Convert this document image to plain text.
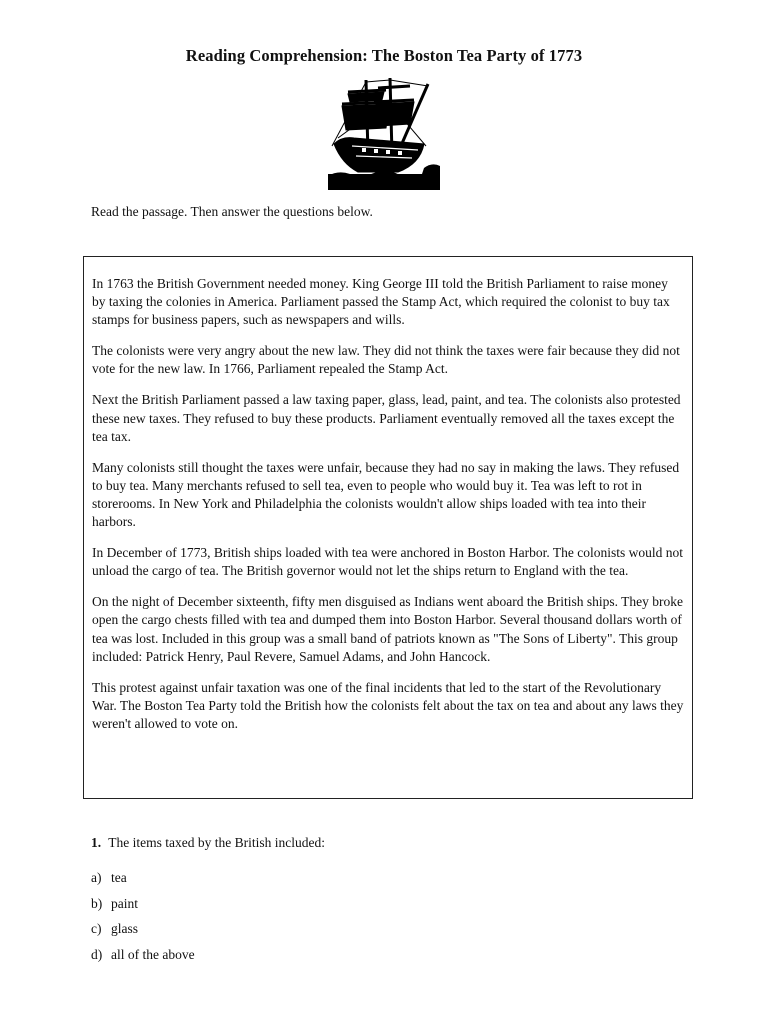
Reading Comprehension: The Boston Tea Party of 1773
Read the passage. Then answer the questions below.

In 1763 the British Government needed money. King George III told the British Parliament to raise money by taxing the colonies in America. Parliament passed the Stamp Act, which required the colonist to buy tax stamps for business papers, such as newspapers and wills.

The colonists were very angry about the new law. They did not think the taxes were fair because they did not vote for the new law. In 1766, Parliament repealed the Stamp Act.

Next the British Parliament passed a law taxing paper, glass, lead, paint, and tea. The colonists also protested these new taxes. They refused to buy these products. Parliament eventually removed all the taxes except the tea tax.

Many colonists still thought the taxes were unfair, because they had no say in making the laws. They refused to buy tea. Many merchants refused to sell tea, even to people who would buy it. Tea was left to rot in storerooms. In New York and Philadelphia the colonists wouldn't allow ships loaded with tea into their harbors.

In December of 1773, British ships loaded with tea were anchored in Boston Harbor. The colonists would not unload the cargo of tea. The British governor would not let the ships return to England with the tea.

On the night of December sixteenth, fifty men disguised as Indians went aboard the British ships. They broke open the cargo chests filled with tea and dumped them into Boston Harbor. Several thousand dollars worth of tea was lost. Included in this group was a small band of patriots known as "The Sons of Liberty". This group included: Patrick Henry, Paul Revere, Samuel Adams, and John Hancock.

This protest against unfair taxation was one of the final incidents that led to the start of the Revolutionary War. The Boston Tea Party told the British how the colonists felt about the tax on tea and about any laws they weren't allowed to vote on.

1. The items taxed by the British included:
a) tea
b) paint
c) glass
d) all of the above
